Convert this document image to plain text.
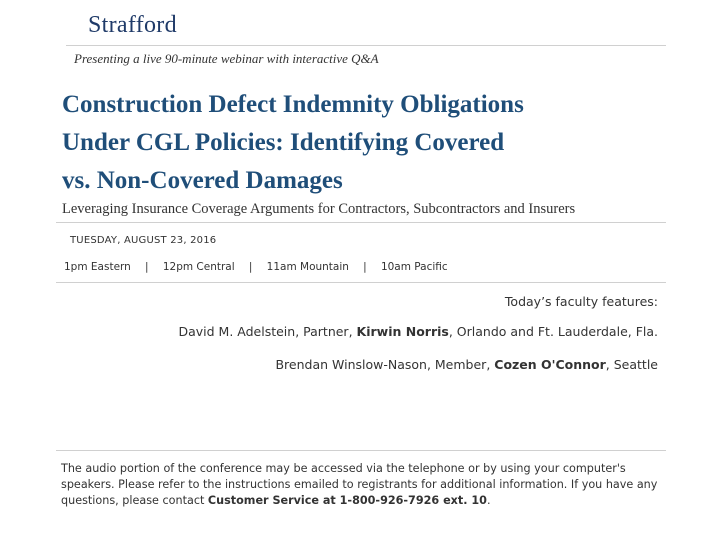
Strafford
Presenting a live 90-minute webinar with interactive Q&A
Construction Defect Indemnity Obligations
Under CGL Policies: Identifying Covered
vs. Non-Covered Damages
Leveraging Insurance Coverage Arguments for Contractors, Subcontractors and Insurers
TUESDAY, AUGUST 23, 2016
1pm Eastern | 12pm Central | 11am Mountain | 10am Pacific
Today’s faculty features:
David M. Adelstein, Partner, Kirwin Norris, Orlando and Ft. Lauderdale, Fla.
Brendan Winslow-Nason, Member, Cozen O'Connor, Seattle
The audio portion of the conference may be accessed via the telephone or by using your computer's speakers. Please refer to the instructions emailed to registrants for additional information. If you have any questions, please contact Customer Service at 1-800-926-7926 ext. 10.
